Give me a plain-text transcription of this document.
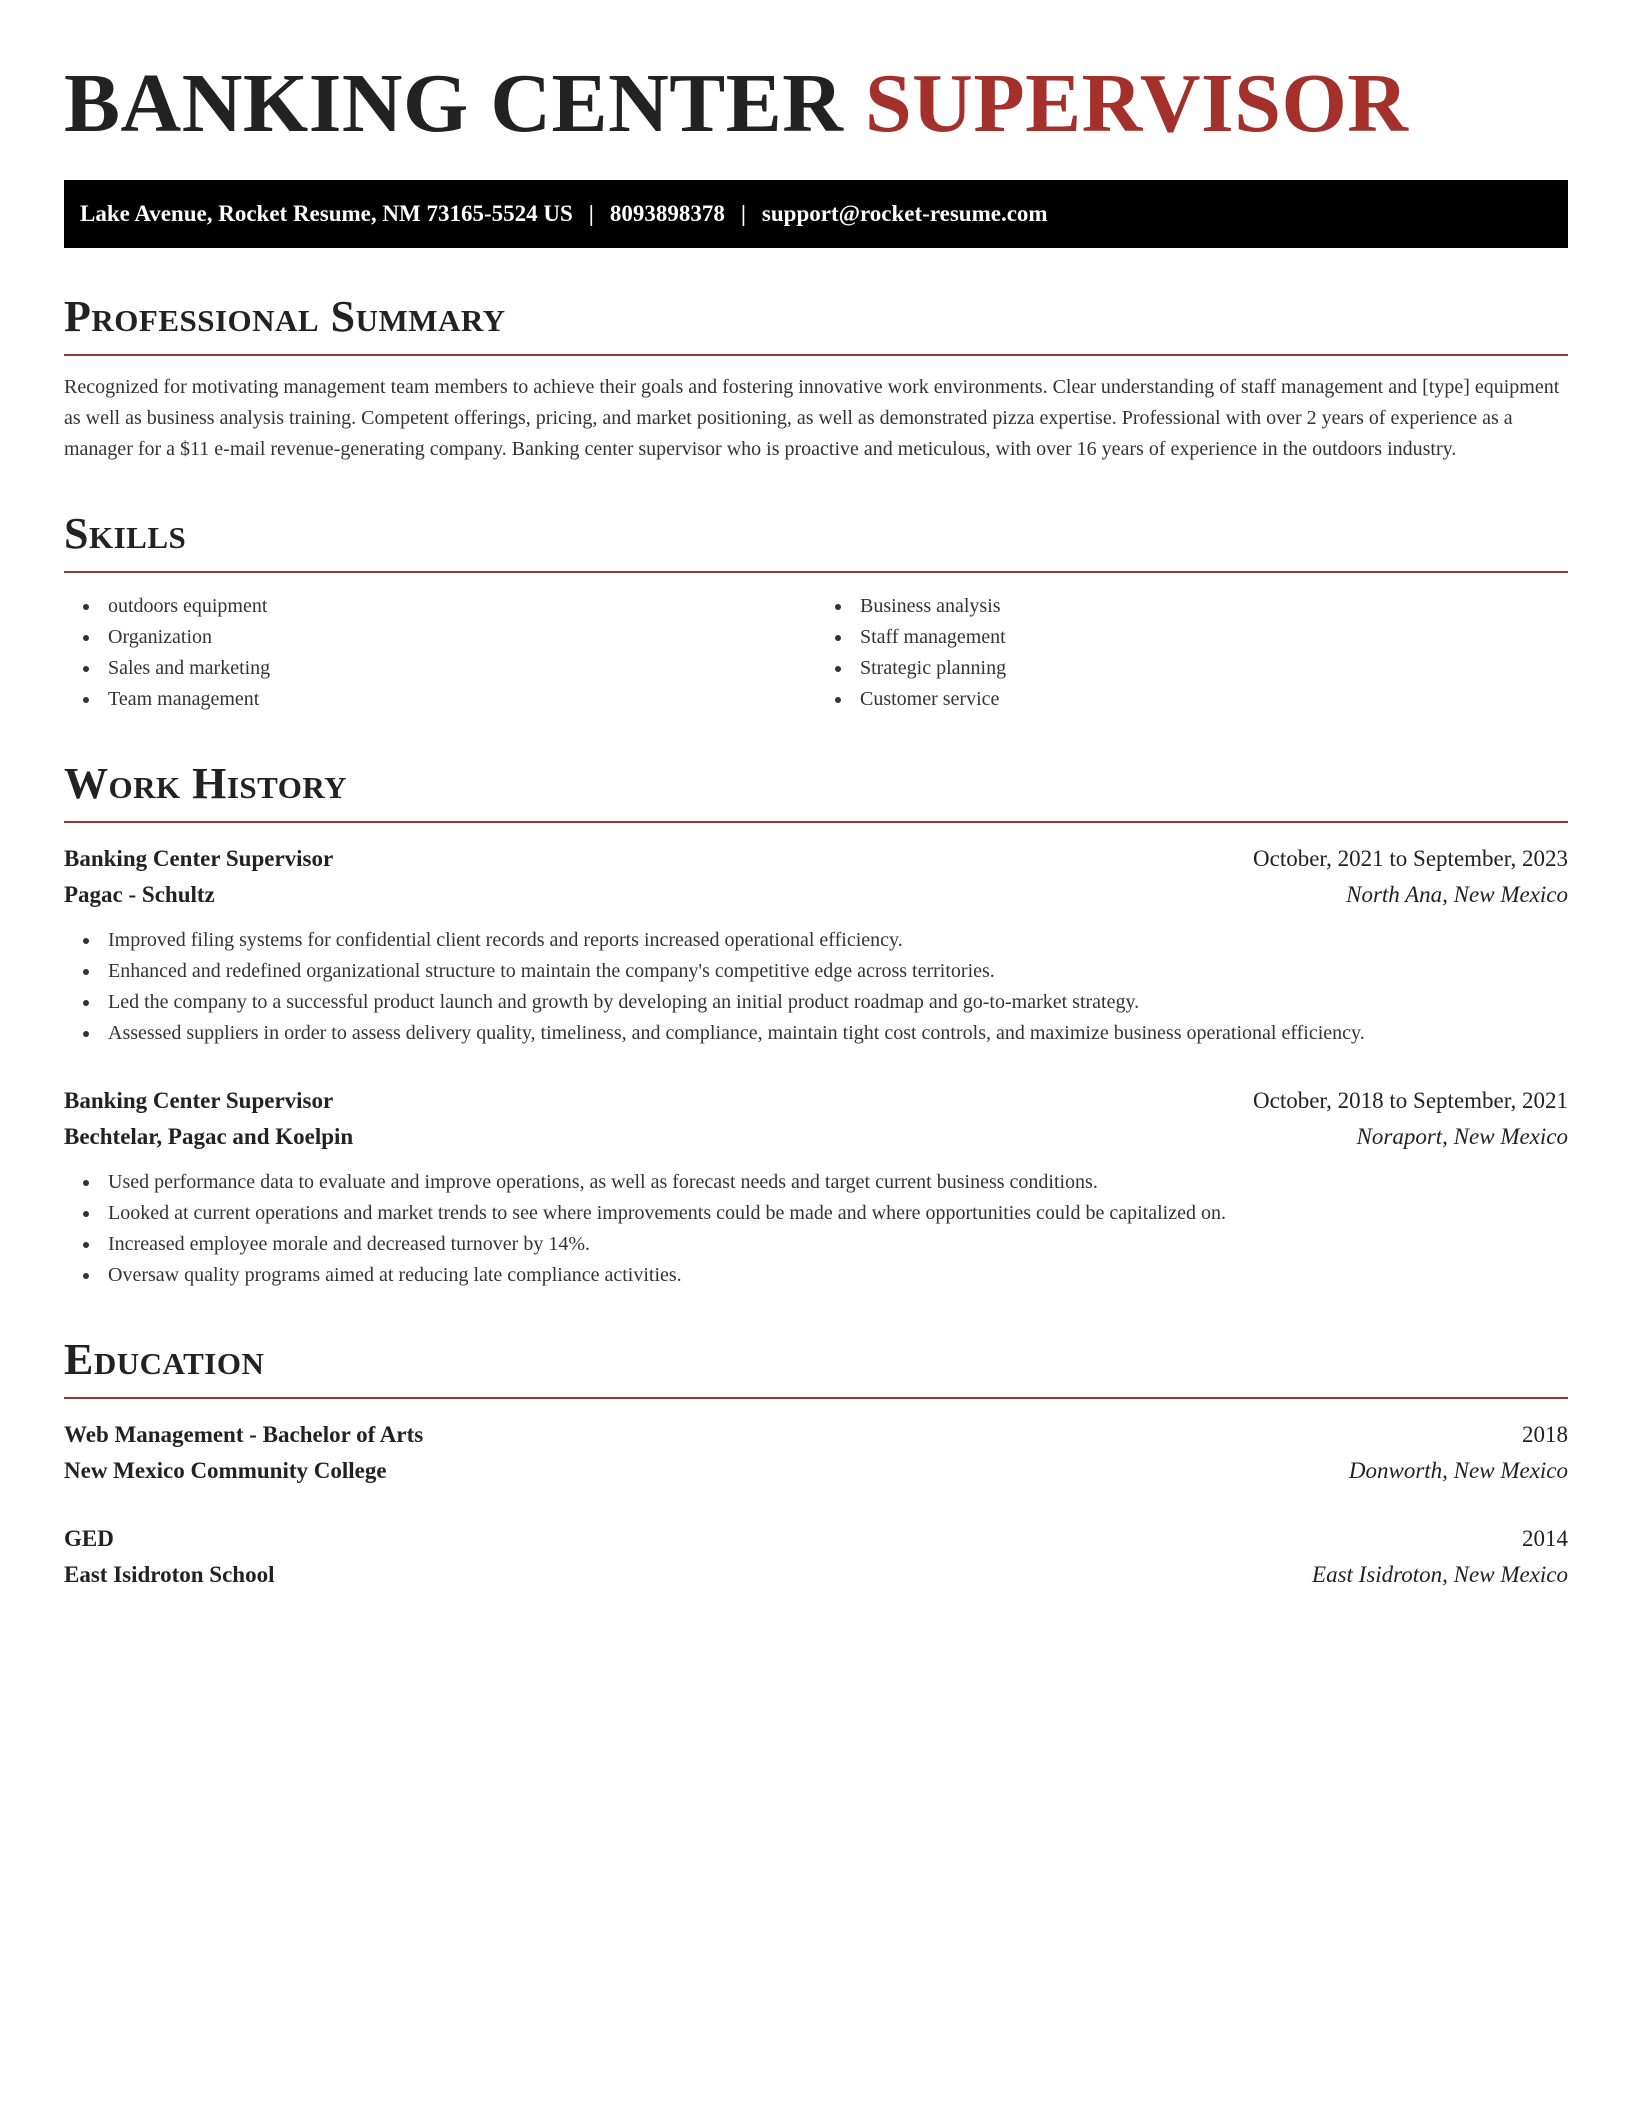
BANKING CENTER SUPERVISOR
Lake Avenue, Rocket Resume, NM 73165-5524 US | 8093898378 | support@rocket-resume.com
Professional Summary

Recognized for motivating management team members to achieve their goals and fostering innovative work environments. Clear understanding of staff management and [type] equipment as well as business analysis training. Competent offerings, pricing, and market positioning, as well as demonstrated pizza expertise. Professional with over 2 years of experience as a manager for a $11 e-mail revenue-generating company. Banking center supervisor who is proactive and meticulous, with over 16 years of experience in the outdoors industry.

Skills
outdoors equipment
Organization
Sales and marketing
Team management
Business analysis
Staff management
Strategic planning
Customer service
Work History
Banking Center Supervisor	October, 2021 to September, 2023
Pagac - Schultz	North Ana, New Mexico
Improved filing systems for confidential client records and reports increased operational efficiency.
Enhanced and redefined organizational structure to maintain the company's competitive edge across territories.
Led the company to a successful product launch and growth by developing an initial product roadmap and go-to-market strategy.
Assessed suppliers in order to assess delivery quality, timeliness, and compliance, maintain tight cost controls, and maximize business operational efficiency.
Banking Center Supervisor	October, 2018 to September, 2021
Bechtelar, Pagac and Koelpin	Noraport, New Mexico
Used performance data to evaluate and improve operations, as well as forecast needs and target current business conditions.
Looked at current operations and market trends to see where improvements could be made and where opportunities could be capitalized on.
Increased employee morale and decreased turnover by 14%.
Oversaw quality programs aimed at reducing late compliance activities.
Education
Web Management - Bachelor of Arts	2018
New Mexico Community College	Donworth, New Mexico
GED	2014
East Isidroton School	East Isidroton, New Mexico
